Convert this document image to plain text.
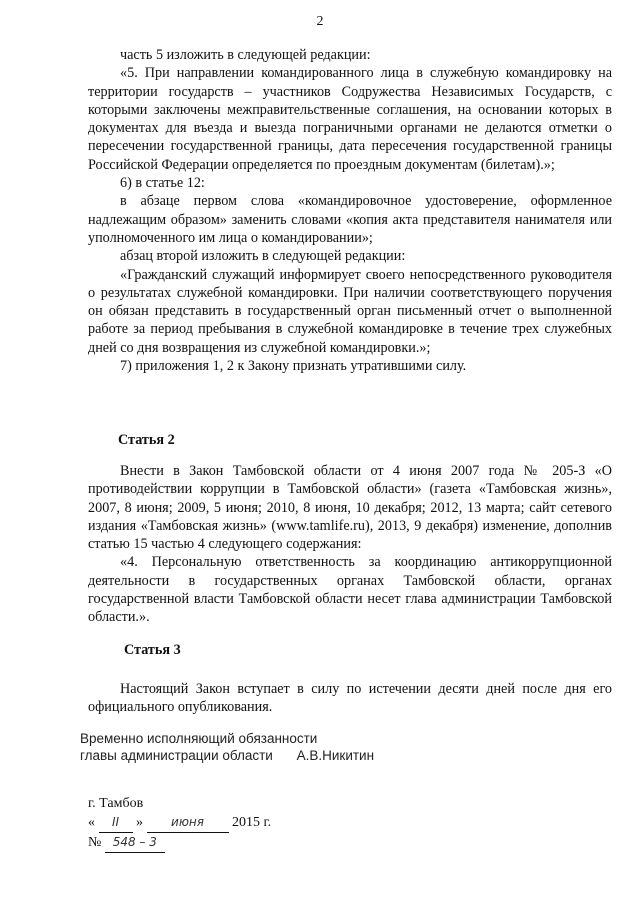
2

часть 5 изложить в следующей редакции:

«5. При направлении командированного лица в служебную командировку на территории государств – участников Содружества Независимых Государств, с которыми заключены межправительственные соглашения, на основании которых в документах для въезда и выезда пограничными органами не делаются отметки о пересечении государственной границы, дата пересечения государственной границы Российской Федерации определяется по проездным документам (билетам).»;

6) в статье 12:

в абзаце первом слова «командировочное удостоверение, оформленное надлежащим образом» заменить словами «копия акта представителя нанимателя или уполномоченного им лица о командировании»;

абзац второй изложить в следующей редакции:

«Гражданский служащий информирует своего непосредственного руководителя о результатах служебной командировки. При наличии соответствующего поручения он обязан представить в государственный орган письменный отчет о выполненной работе за период пребывания в служебной командировке в течение трех служебных дней со дня возвращения из служебной командировки.»;

7) приложения 1, 2 к Закону признать утратившими силу.

Статья 2

Внести в Закон Тамбовской области от 4 июня 2007 года № 205-З «О противодействии коррупции в Тамбовской области» (газета «Тамбовская жизнь», 2007, 8 июня; 2009, 5 июня; 2010, 8 июня, 10 декабря; 2012, 13 марта; сайт сетевого издания «Тамбовская жизнь» (www.tamlife.ru), 2013, 9 декабря) изменение, дополнив статью 15 частью 4 следующего содержания:

«4. Персональную ответственность за координацию антикоррупционной деятельности в государственных органах Тамбовской области, органах государственной власти Тамбовской области несет глава администрации Тамбовской области.».

Статья 3

Настоящий Закон вступает в силу по истечении десяти дней после дня его официального опубликования.

Временно исполняющий обязанности
главы администрации области А.В.Никитин
г. Тамбов
« II » июня 2015 г.
№ 548 – 3
